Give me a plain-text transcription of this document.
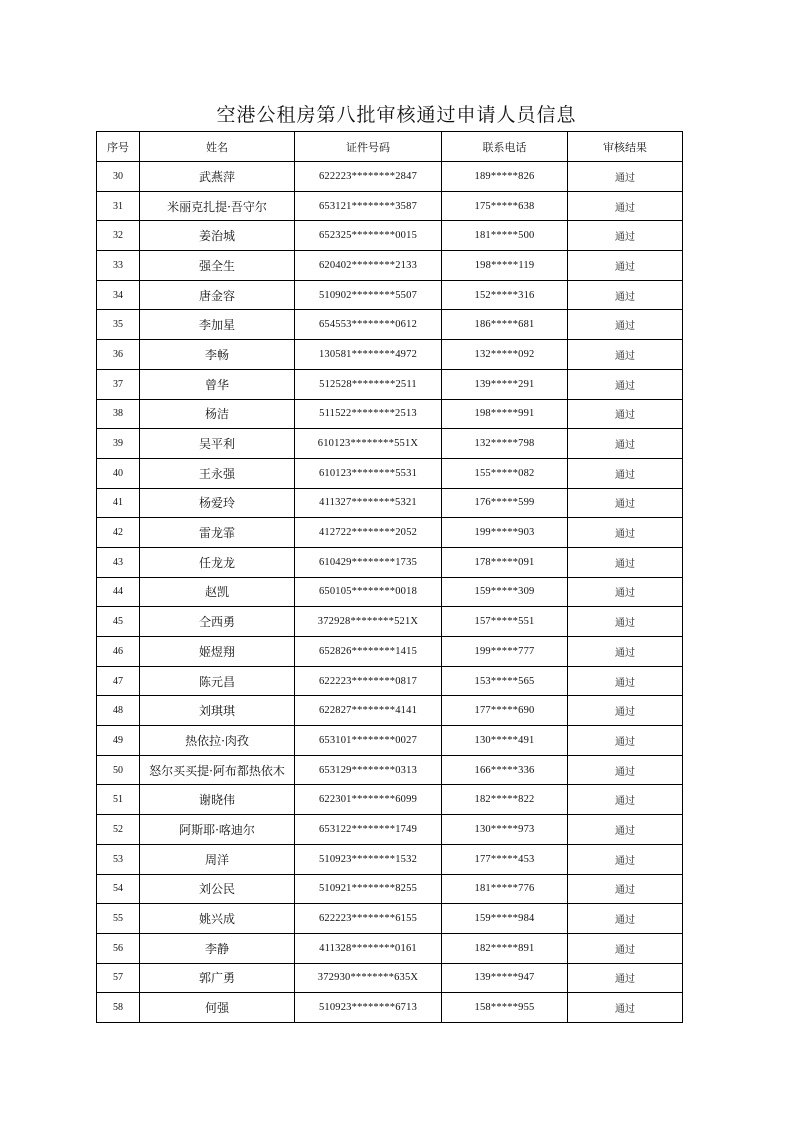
空港公租房第八批审核通过申请人员信息
序号	姓名	证件号码	联系电话	审核结果
30	武燕萍	622223********2847	189*****826	通过
31	米丽克扎提·吾守尔	653121********3587	175*****638	通过
32	姜治城	652325********0015	181*****500	通过
33	强全生	620402********2133	198*****119	通过
34	唐金容	510902********5507	152*****316	通过
35	李加星	654553********0612	186*****681	通过
36	李畅	130581********4972	132*****092	通过
37	曾华	512528********2511	139*****291	通过
38	杨洁	511522********2513	198*****991	通过
39	吴平利	610123********551X	132*****798	通过
40	王永强	610123********5531	155*****082	通过
41	杨爱玲	411327********5321	176*****599	通过
42	雷龙霏	412722********2052	199*****903	通过
43	任龙龙	610429********1735	178*****091	通过
44	赵凯	650105********0018	159*****309	通过
45	仝西勇	372928********521X	157*****551	通过
46	姬煜翔	652826********1415	199*****777	通过
47	陈元昌	622223********0817	153*****565	通过
48	刘琪琪	622827********4141	177*****690	通过
49	热依拉·肉孜	653101********0027	130*****491	通过
50	怒尔买买提·阿布都热依木	653129********0313	166*****336	通过
51	谢晓伟	622301********6099	182*****822	通过
52	阿斯耶·喀迪尔	653122********1749	130*****973	通过
53	周洋	510923********1532	177*****453	通过
54	刘公民	510921********8255	181*****776	通过
55	姚兴成	622223********6155	159*****984	通过
56	李静	411328********0161	182*****891	通过
57	郭广勇	372930********635X	139*****947	通过
58	何强	510923********6713	158*****955	通过
